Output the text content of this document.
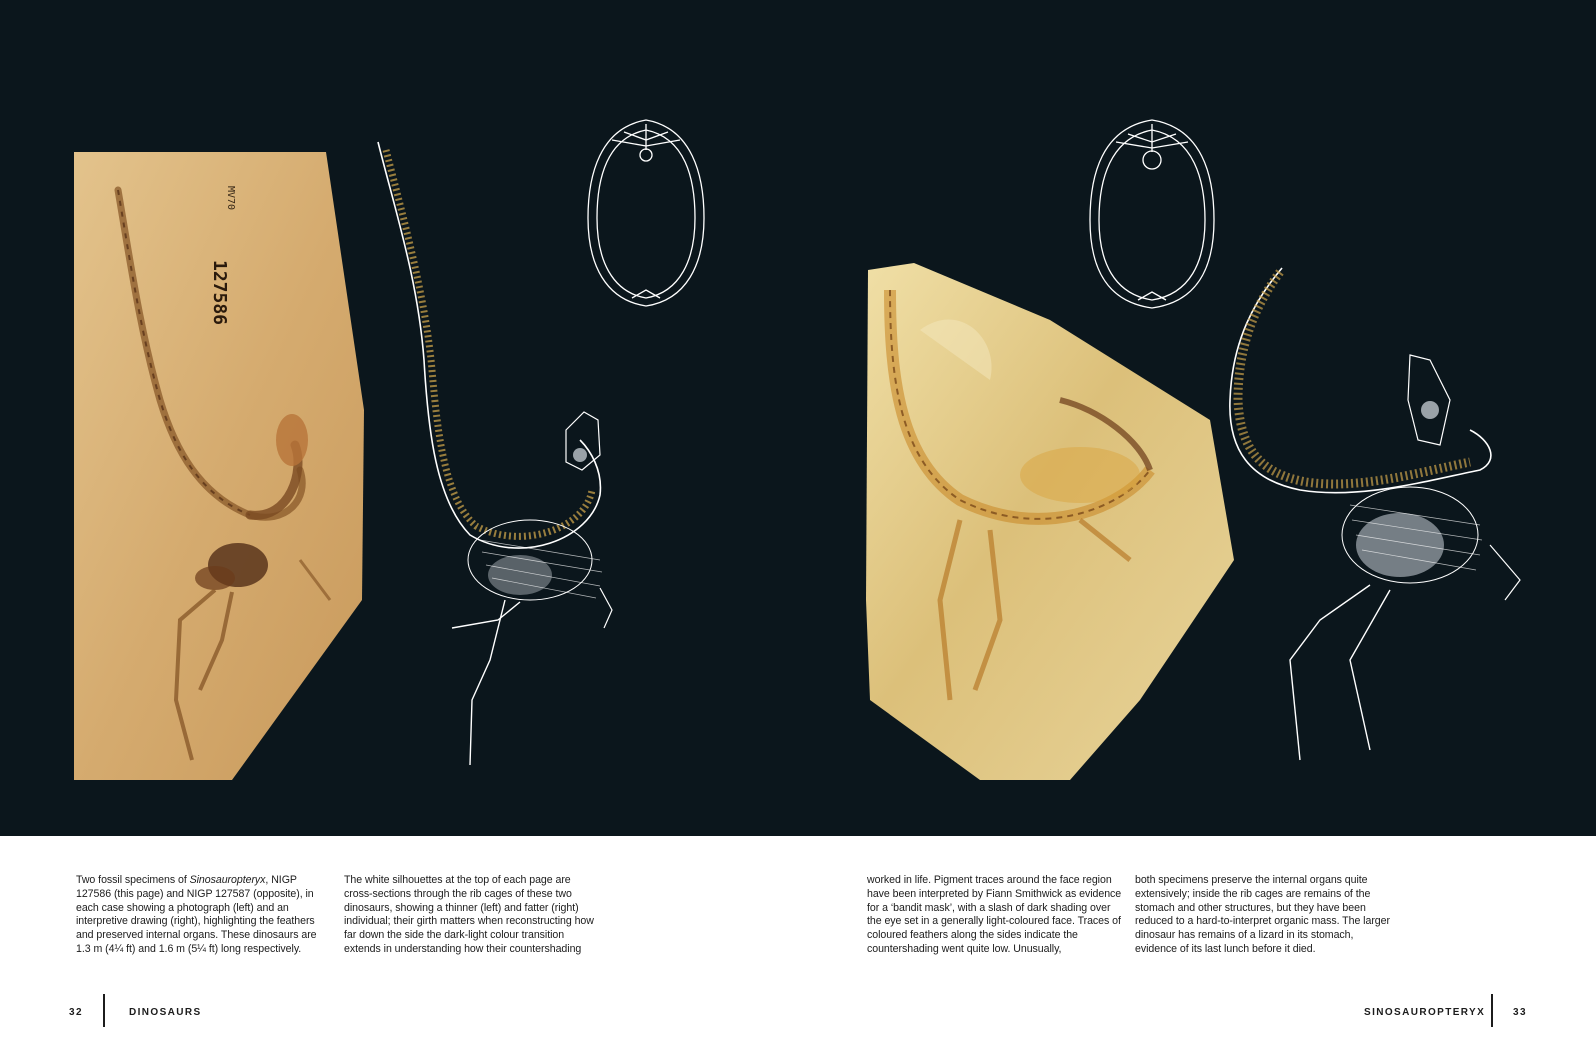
127586
MV70
Two fossil specimens of Sinosauropteryx, NIGP 127586 (this page) and NIGP 127587 (opposite), in each case showing a photograph (left) and an interpretive drawing (right), highlighting the feathers and preserved internal organs. These dinosaurs are 1.3 m (4¼ ft) and 1.6 m (5¼ ft) long respectively.
The white silhouettes at the top of each page are cross-sections through the rib cages of these two dinosaurs, showing a thinner (left) and fatter (right) individual; their girth matters when reconstructing how far down the side the dark-light colour transition extends in understanding how their countershading
worked in life. Pigment traces around the face region have been interpreted by Fiann Smithwick as evidence for a ‘bandit mask’, with a slash of dark shading over the eye set in a generally light-coloured face. Traces of coloured feathers along the sides indicate the countershading went quite low. Unusually,
both specimens preserve the internal organs quite extensively; inside the rib cages are remains of the stomach and other structures, but they have been reduced to a hard-to-interpret organic mass. The larger dinosaur has remains of a lizard in its stomach, evidence of its last lunch before it died.
32	DINOSAURS	SINOSAUROPTERYX	33
